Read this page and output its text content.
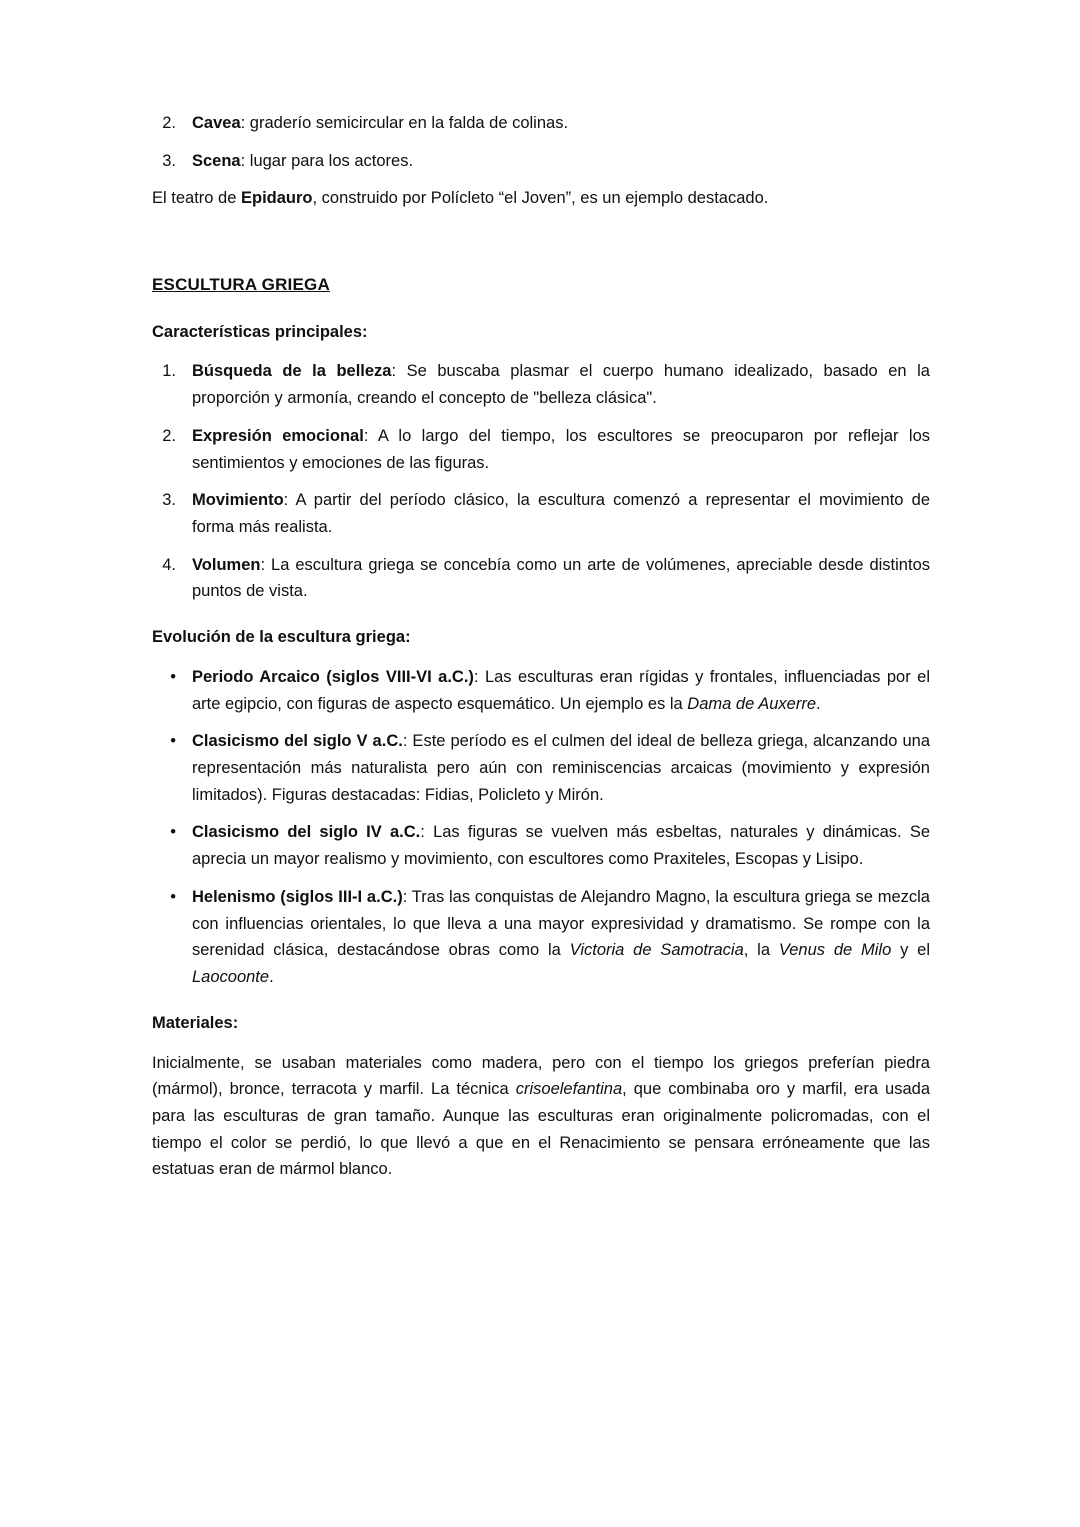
2. Cavea: graderío semicircular en la falda de colinas.
3. Scena: lugar para los actores.

El teatro de Epidauro, construido por Polícleto “el Joven”, es un ejemplo destacado.

ESCULTURA GRIEGA
Características principales:
1. Búsqueda de la belleza: Se buscaba plasmar el cuerpo humano idealizado, basado en la proporción y armonía, creando el concepto de "belleza clásica".
2. Expresión emocional: A lo largo del tiempo, los escultores se preocuparon por reflejar los sentimientos y emociones de las figuras.
3. Movimiento: A partir del período clásico, la escultura comenzó a representar el movimiento de forma más realista.
4. Volumen: La escultura griega se concebía como un arte de volúmenes, apreciable desde distintos puntos de vista.
Evolución de la escultura griega:
• Periodo Arcaico (siglos VIII-VI a.C.): Las esculturas eran rígidas y frontales, influenciadas por el arte egipcio, con figuras de aspecto esquemático. Un ejemplo es la Dama de Auxerre.
• Clasicismo del siglo V a.C.: Este período es el culmen del ideal de belleza griega, alcanzando una representación más naturalista pero aún con reminiscencias arcaicas (movimiento y expresión limitados). Figuras destacadas: Fidias, Policleto y Mirón.
• Clasicismo del siglo IV a.C.: Las figuras se vuelven más esbeltas, naturales y dinámicas. Se aprecia un mayor realismo y movimiento, con escultores como Praxiteles, Escopas y Lisipo.
• Helenismo (siglos III-I a.C.): Tras las conquistas de Alejandro Magno, la escultura griega se mezcla con influencias orientales, lo que lleva a una mayor expresividad y dramatismo. Se rompe con la serenidad clásica, destacándose obras como la Victoria de Samotracia, la Venus de Milo y el Laocoonte.
Materiales:

Inicialmente, se usaban materiales como madera, pero con el tiempo los griegos preferían piedra (mármol), bronce, terracota y marfil. La técnica crisoelefantina, que combinaba oro y marfil, era usada para las esculturas de gran tamaño. Aunque las esculturas eran originalmente policromadas, con el tiempo el color se perdió, lo que llevó a que en el Renacimiento se pensara erróneamente que las estatuas eran de mármol blanco.
